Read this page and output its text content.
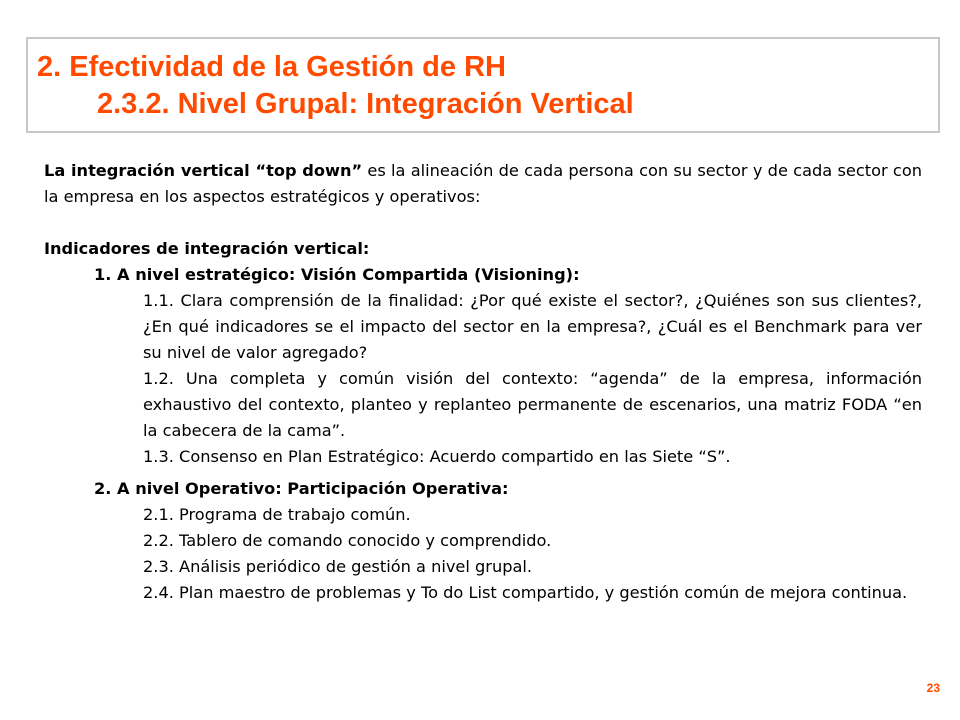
2. Efectividad de la Gestión de RH
2.3.2. Nivel Grupal: Integración Vertical

La integración vertical “top down” es la alineación de cada persona con su sector y de cada sector con la empresa en los aspectos estratégicos y operativos:

Indicadores de integración vertical:

1. A nivel estratégico: Visión Compartida (Visioning):

1.1. Clara comprensión de la finalidad: ¿Por qué existe el sector?, ¿Quiénes son sus clientes?, ¿En qué indicadores se el impacto del sector en la empresa?, ¿Cuál es el Benchmark para ver su nivel de valor agregado?

1.2. Una completa y común visión del contexto: “agenda” de la empresa, información exhaustivo del contexto, planteo y replanteo permanente de escenarios, una matriz FODA “en la cabecera de la cama”.

1.3. Consenso en Plan Estratégico: Acuerdo compartido en las Siete “S”.

2. A nivel Operativo: Participación Operativa:

2.1. Programa de trabajo común.

2.2. Tablero de comando conocido y comprendido.

2.3. Análisis periódico de gestión a nivel grupal.

2.4. Plan maestro de problemas y To do List compartido, y gestión común de mejora continua.

23
